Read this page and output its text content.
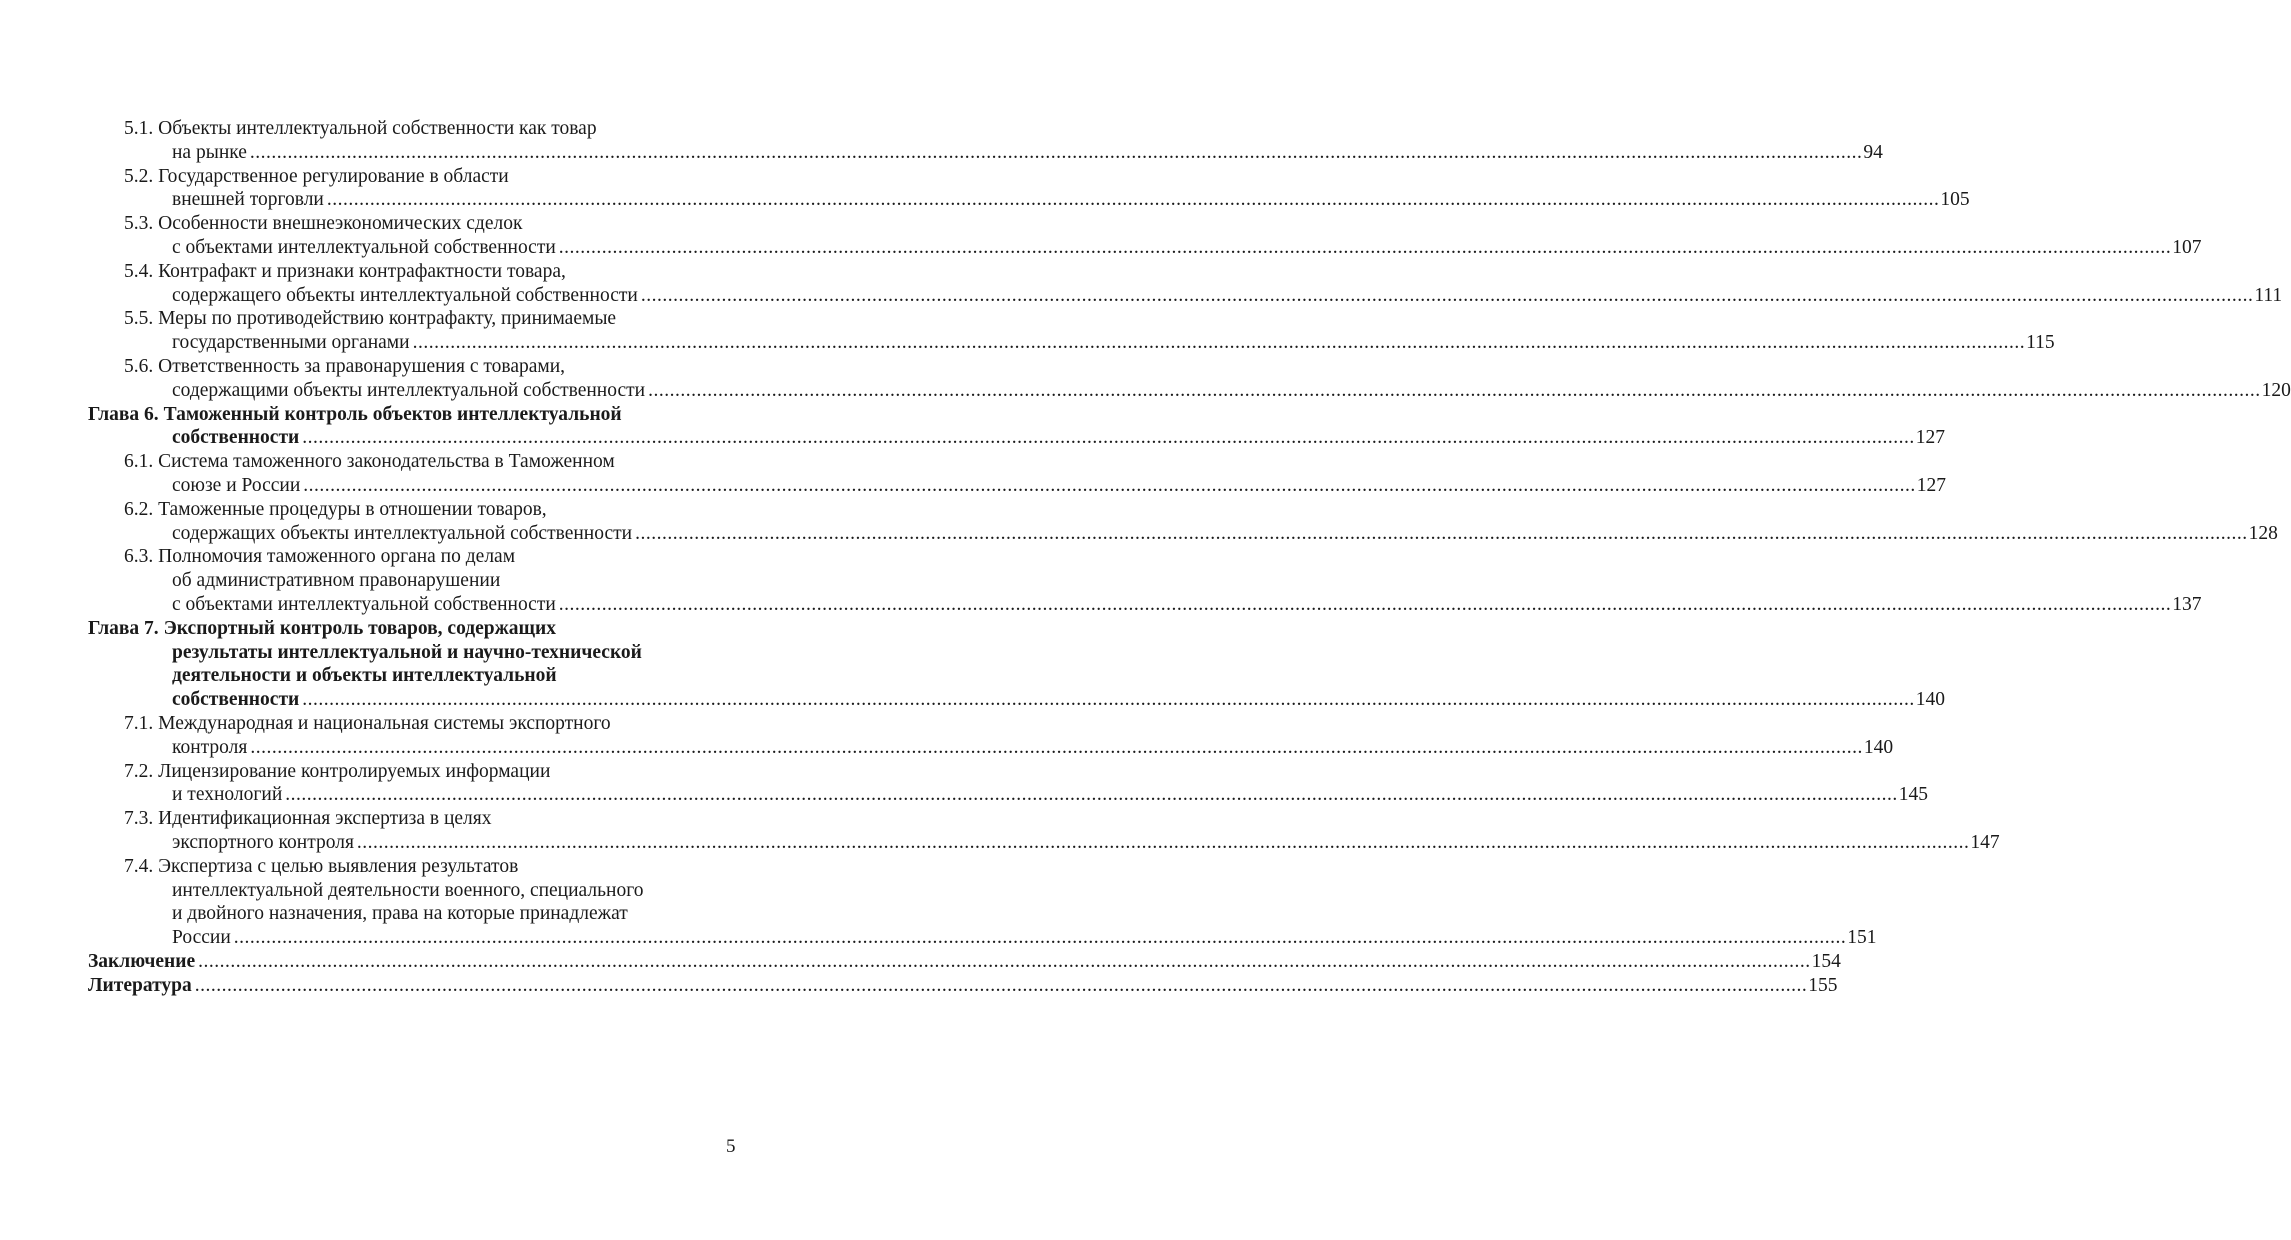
5.1. Объекты интеллектуальной собственности как товар
на рынке ............................................................................................................................................................................................................................................................................................................ 94
5.2. Государственное регулирование в области
внешней торговли ............................................................................................................................................................................................................................................................................................................ 105
5.3. Особенности внешнеэкономических сделок
с объектами интеллектуальной собственности ............................................................................................................................................................................................................................................................................................................ 107
5.4. Контрафакт и признаки контрафактности товара,
содержащего объекты интеллектуальной собственности ............................................................................................................................................................................................................................................................................................................ 111
5.5. Меры по противодействию контрафакту, принимаемые
государственными органами ............................................................................................................................................................................................................................................................................................................ 115
5.6. Ответственность за правонарушения с товарами,
содержащими объекты интеллектуальной собственности ............................................................................................................................................................................................................................................................................................................ 120
Глава 6. Таможенный контроль объектов интеллектуальной
собственности ............................................................................................................................................................................................................................................................................................................ 127
6.1. Система таможенного законодательства в Таможенном
союзе и России ............................................................................................................................................................................................................................................................................................................ 127
6.2. Таможенные процедуры в отношении товаров,
содержащих объекты интеллектуальной собственности ............................................................................................................................................................................................................................................................................................................ 128
6.3. Полномочия таможенного органа по делам
об административном правонарушении
с объектами интеллектуальной собственности ............................................................................................................................................................................................................................................................................................................ 137
Глава 7. Экспортный контроль товаров, содержащих
результаты интеллектуальной и научно-технической
деятельности и объекты интеллектуальной
собственности ............................................................................................................................................................................................................................................................................................................ 140
7.1. Международная и национальная системы экспортного
контроля ............................................................................................................................................................................................................................................................................................................ 140
7.2. Лицензирование контролируемых информации
и технологий ............................................................................................................................................................................................................................................................................................................ 145
7.3. Идентификационная экспертиза в целях
экспортного контроля ............................................................................................................................................................................................................................................................................................................ 147
7.4. Экспертиза с целью выявления результатов
интеллектуальной деятельности военного, специального
и двойного назначения, права на которые принадлежат
России ............................................................................................................................................................................................................................................................................................................ 151
Заключение ............................................................................................................................................................................................................................................................................................................ 154
Литература ............................................................................................................................................................................................................................................................................................................ 155
5
